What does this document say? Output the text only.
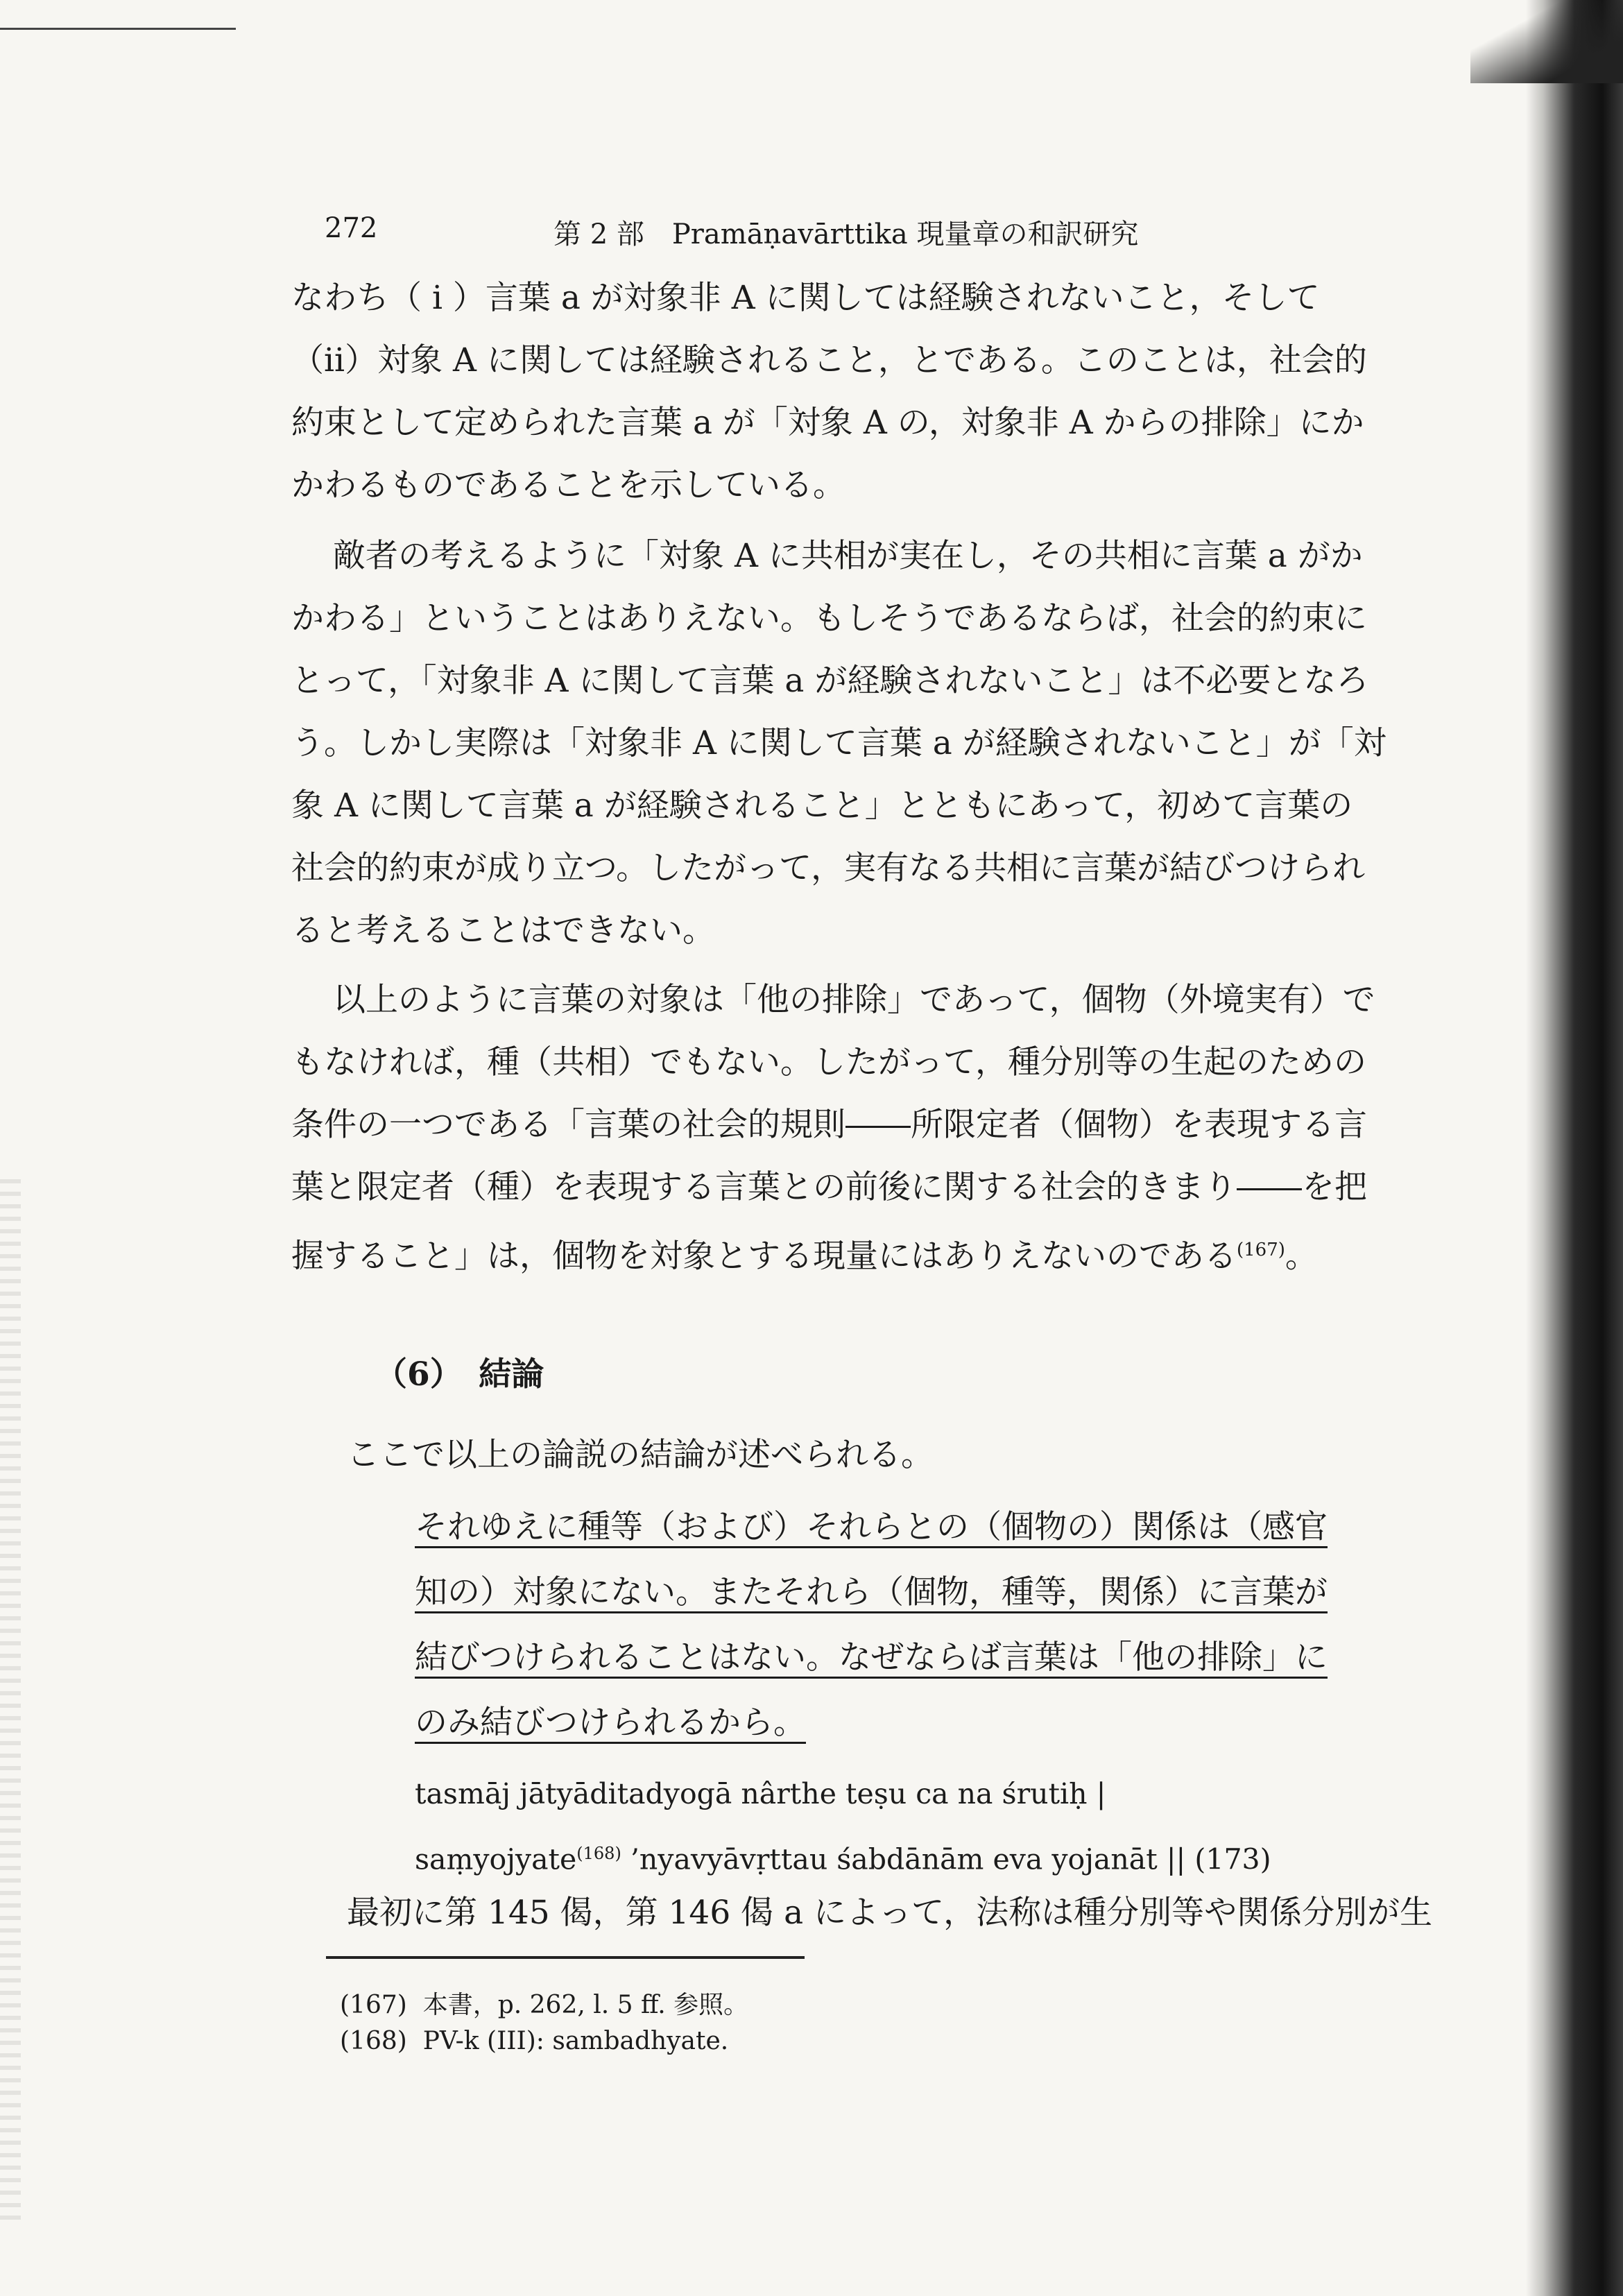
272	第 2 部　Pramāṇavārttika 現量章の和訳研究
なわち（ i ）言葉 a が対象非 A に関しては経験されないこと，そして
（ii）対象 A に関しては経験されること，とである。このことは，社会的
約束として定められた言葉 a が「対象 A の，対象非 A からの排除」にか
かわるものであることを示している。
敵者の考えるように「対象 A に共相が実在し，その共相に言葉 a がか
かわる」ということはありえない。もしそうであるならば，社会的約束に
とって，「対象非 A に関して言葉 a が経験されないこと」は不必要となろ
う。しかし実際は「対象非 A に関して言葉 a が経験されないこと」が「対
象 A に関して言葉 a が経験されること」とともにあって，初めて言葉の
社会的約束が成り立つ。したがって，実有なる共相に言葉が結びつけられ
ると考えることはできない。
以上のように言葉の対象は「他の排除」であって，個物（外境実有）で
もなければ，種（共相）でもない。したがって，種分別等の生起のための
条件の一つである「言葉の社会的規則――所限定者（個物）を表現する言
葉と限定者（種）を表現する言葉との前後に関する社会的きまり――を把
握すること」は，個物を対象とする現量にはありえないのである$^{(167)}$。
（6）　結論
ここで以上の論説の結論が述べられる。
それゆえに種等（および）それらとの（個物の）関係は（感官
知の）対象にない。またそれら（個物，種等，関係）に言葉が
結びつけられることはない。なぜならば言葉は「他の排除」に
のみ結びつけられるから。
tasmāj jātyāditadyogā nârthe teṣu ca na śrutiḥ |
saṃyojyate$^{(168)}$ ’nyavyāvṛttau śabdānām eva yojanāt || (173)
最初に第 145 偈，第 146 偈 a によって，法称は種分別等や関係分別が生
(167) 本書，p. 262, l. 5 ff. 参照。
(168) PV-k (III): sambadhyate.
